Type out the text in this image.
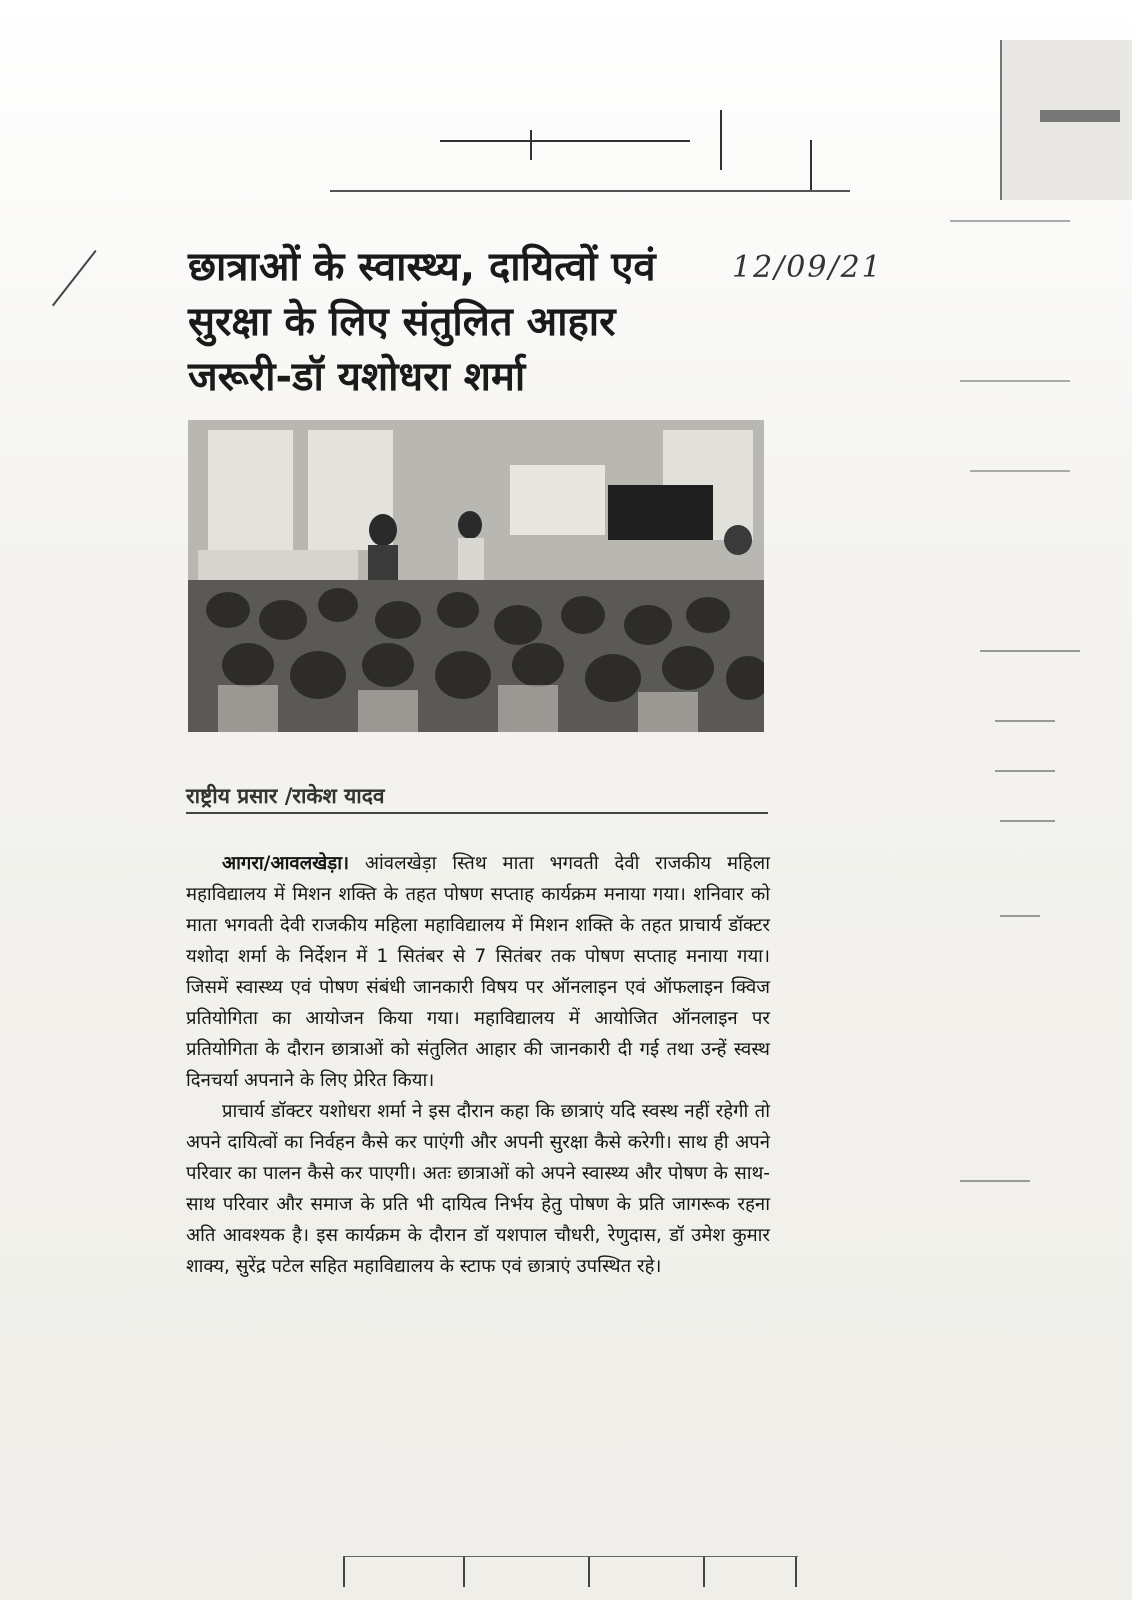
12/09/21
छात्राओं के स्वास्थ्य, दायित्वों एवं
सुरक्षा के लिए संतुलित आहार
जरूरी-डॉ यशोधरा शर्मा
राष्ट्रीय प्रसार /राकेश यादव

आगरा/आवलखेड़ा। आंवलखेड़ा स्तिथ माता भगवती देवी राजकीय महिला महाविद्यालय में मिशन शक्ति के तहत पोषण सप्ताह कार्यक्रम मनाया गया। शनिवार को माता भगवती देवी राजकीय महिला महाविद्यालय में मिशन शक्ति के तहत प्राचार्य डॉक्टर यशोदा शर्मा के निर्देशन में 1 सितंबर से 7 सितंबर तक पोषण सप्ताह मनाया गया। जिसमें स्वास्थ्य एवं पोषण संबंधी जानकारी विषय पर ऑनलाइन एवं ऑफलाइन क्विज प्रतियोगिता का आयोजन किया गया। महाविद्यालय में आयोजित ऑनलाइन पर प्रतियोगिता के दौरान छात्राओं को संतुलित आहार की जानकारी दी गई तथा उन्हें स्वस्थ दिनचर्या अपनाने के लिए प्रेरित किया।

प्राचार्य डॉक्टर यशोधरा शर्मा ने इस दौरान कहा कि छात्राएं यदि स्वस्थ नहीं रहेगी तो अपने दायित्वों का निर्वहन कैसे कर पाएंगी और अपनी सुरक्षा कैसे करेगी। साथ ही अपने परिवार का पालन कैसे कर पाएगी। अतः छात्राओं को अपने स्वास्थ्य और पोषण के साथ-साथ परिवार और समाज के प्रति भी दायित्व निर्भय हेतु पोषण के प्रति जागरूक रहना अति आवश्यक है। इस कार्यक्रम के दौरान डॉ यशपाल चौधरी, रेणुदास, डॉ उमेश कुमार शाक्य, सुरेंद्र पटेल सहित महाविद्यालय के स्टाफ एवं छात्राएं उपस्थित रहे।
